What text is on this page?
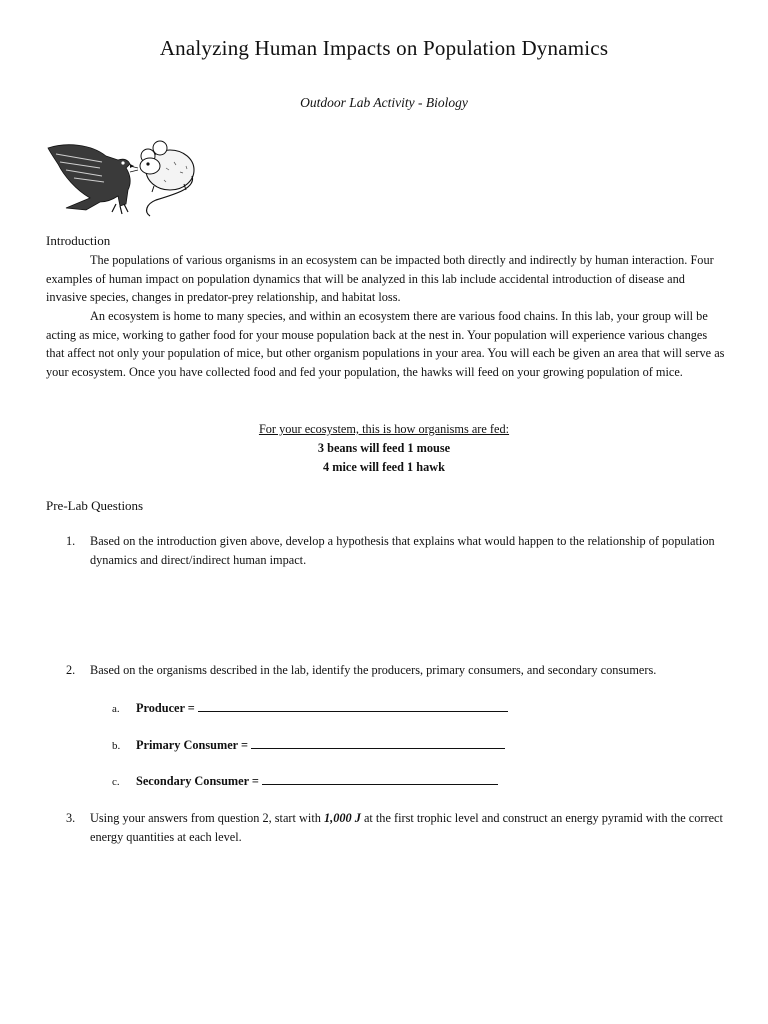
Analyzing Human Impacts on Population Dynamics
Outdoor Lab Activity - Biology
Introduction

The populations of various organisms in an ecosystem can be impacted both directly and indirectly by human interaction. Four examples of human impact on population dynamics that will be analyzed in this lab include accidental introduction of disease and invasive species, changes in predator-prey relationship, and habitat loss.

An ecosystem is home to many species, and within an ecosystem there are various food chains. In this lab, your group will be acting as mice, working to gather food for your mouse population back at the nest in. Your population will experience various changes that affect not only your population of mice, but other organism populations in your area. You will each be given an area that will serve as your ecosystem. Once you have collected food and fed your population, the hawks will feed on your growing population of mice.

For your ecosystem, this is how organisms are fed:
3 beans will feed 1 mouse
4 mice will feed 1 hawk
Pre-Lab Questions
1.	Based on the introduction given above, develop a hypothesis that explains what would happen to the relationship of population dynamics and direct/indirect human impact.
2.	Based on the organisms described in the lab, identify the producers, primary consumers, and secondary consumers.
a. Producer =
b. Primary Consumer =
c. Secondary Consumer =
3.	Using your answers from question 2, start with 1,000 J at the first trophic level and construct an energy pyramid with the correct energy quantities at each level.
